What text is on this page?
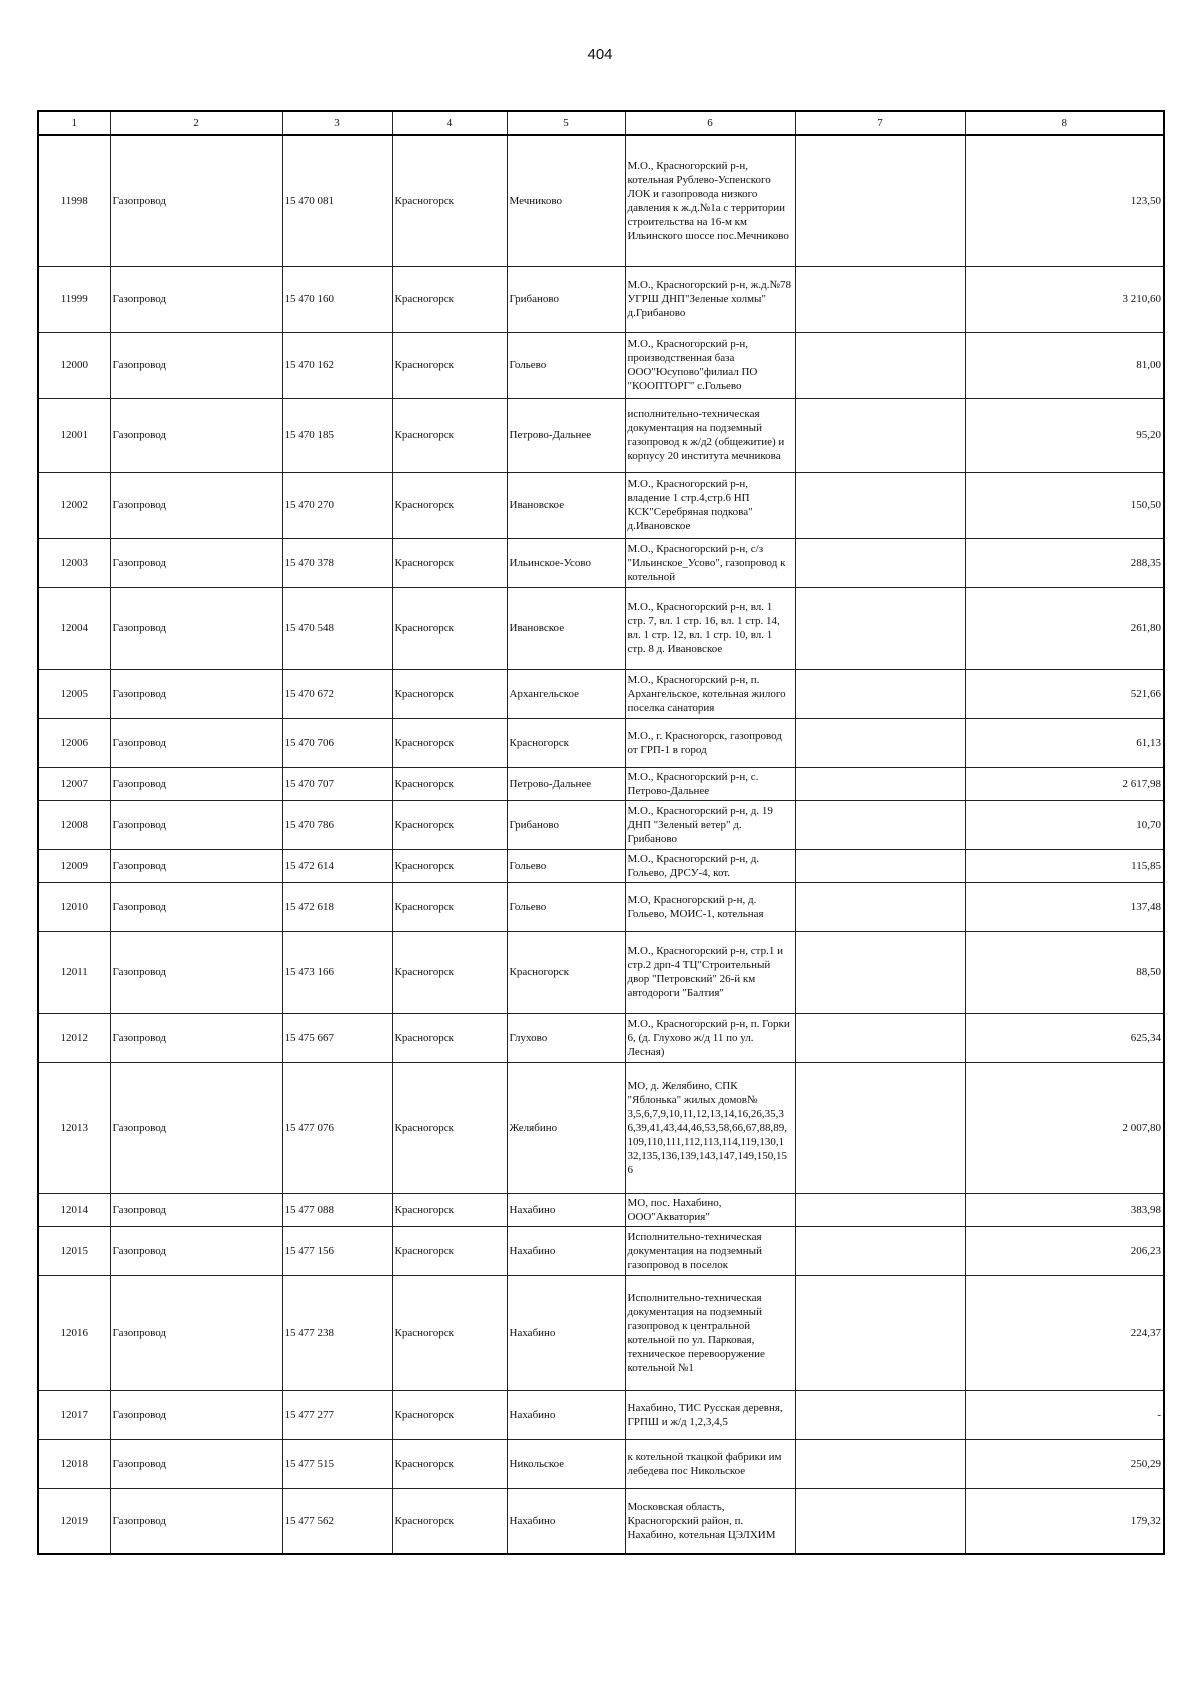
404
1	2	3	4	5	6	7	8
11998	Газопровод	15 470 081	Красногорск	Мечниково	М.О., Красногорский р-н, котельная Рублево-Успенского ЛОК и газопровода низкого давления к ж.д.№1а с территории строительства на 16-м км Ильинского шоссе пос.Мечниково		123,50
11999	Газопровод	15 470 160	Красногорск	Грибаново	М.О., Красногорский р-н, ж.д.№78 УГРШ ДНП"Зеленые холмы" д.Грибаново		3 210,60
12000	Газопровод	15 470 162	Красногорск	Гольево	М.О., Красногорский р-н, производственная база ООО"Юсупово"филиал ПО "КООПТОРГ" с.Гольево		81,00
12001	Газопровод	15 470 185	Красногорск	Петрово-Дальнее	исполнительно-техническая документация на подземный газопровод к ж/д2 (общежитие) и корпусу 20 института мечникова		95,20
12002	Газопровод	15 470 270	Красногорск	Ивановское	М.О., Красногорский р-н, владение 1 стр.4,стр.6 НП КСК"Серебряная подкова" д.Ивановское		150,50
12003	Газопровод	15 470 378	Красногорск	Ильинское-Усово	М.О., Красногорский р-н, с/з "Ильинское_Усово", газопровод к котельной		288,35
12004	Газопровод	15 470 548	Красногорск	Ивановское	М.О., Красногорский р-н, вл. 1 стр. 7, вл. 1 стр. 16, вл. 1 стр. 14, вл. 1 стр. 12, вл. 1 стр. 10, вл. 1 стр. 8 д. Ивановское		261,80
12005	Газопровод	15 470 672	Красногорск	Архангельское	М.О., Красногорский р-н, п. Архангельское, котельная жилого поселка санатория		521,66
12006	Газопровод	15 470 706	Красногорск	Красногорск	М.О., г. Красногорск, газопровод от ГРП-1 в город		61,13
12007	Газопровод	15 470 707	Красногорск	Петрово-Дальнее	М.О., Красногорский р-н, с. Петрово-Дальнее		2 617,98
12008	Газопровод	15 470 786	Красногорск	Грибаново	М.О., Красногорский р-н, д. 19 ДНП "Зеленый ветер" д. Грибаново		10,70
12009	Газопровод	15 472 614	Красногорск	Гольево	М.О., Красногорский р-н, д. Гольево, ДРСУ-4, кот.		115,85
12010	Газопровод	15 472 618	Красногорск	Гольево	М.О, Красногорский р-н, д. Гольево, МОИС-1, котельная		137,48
12011	Газопровод	15 473 166	Красногорск	Красногорск	М.О., Красногорский р-н, стр.1 и стр.2 дрп-4 ТЦ"Строительный двор "Петровский" 26-й км автодороги "Балтия"		88,50
12012	Газопровод	15 475 667	Красногорск	Глухово	М.О., Красногорский р-н, п. Горки 6, (д. Глухово ж/д 11 по ул. Лесная)		625,34
12013	Газопровод	15 477 076	Красногорск	Желябино	МО, д. Желябино, СПК "Яблонька" жилых домов№ 3,5,6,7,9,10,11,12,13,14,16,26,35,3 6,39,41,43,44,46,53,58,66,67,88,89, 109,110,111,112,113,114,119,130,1 32,135,136,139,143,147,149,150,15 6		2 007,80
12014	Газопровод	15 477 088	Красногорск	Нахабино	МО, пос. Нахабино, ООО"Акватория"		383,98
12015	Газопровод	15 477 156	Красногорск	Нахабино	Исполнительно-техническая документация на подземный газопровод в поселок		206,23
12016	Газопровод	15 477 238	Красногорск	Нахабино	Исполнительно-техническая документация на подземный газопровод к центральной котельной по ул. Парковая, техническое перевооружение котельной №1		224,37
12017	Газопровод	15 477 277	Красногорск	Нахабино	Нахабино, ТИС Русская деревня, ГРПШ и ж/д 1,2,3,4,5		-
12018	Газопровод	15 477 515	Красногорск	Никольское	к котельной ткацкой фабрики им лебедева пос Никольское		250,29
12019	Газопровод	15 477 562	Красногорск	Нахабино	Московская область, Красногорский район, п. Нахабино, котельная ЦЭЛХИМ		179,32
